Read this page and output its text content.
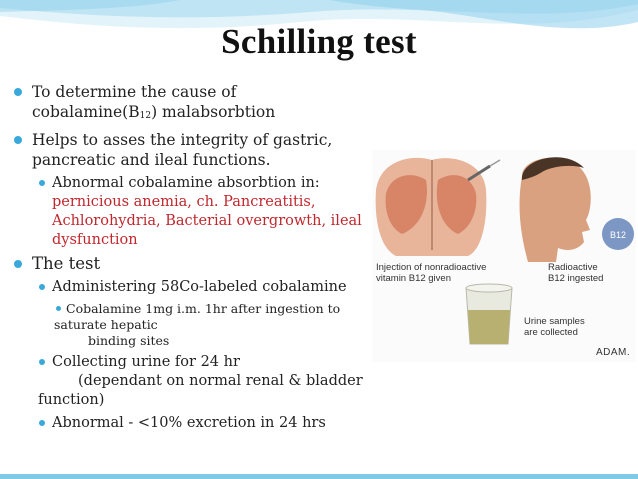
Schilling test
To determine the cause of
$cobalamine(B_{12})$ malabsorbtion
Helps to asses the integrity of gastric,
pancreatic and ileal functions.
Abnormal cobalamine absorbtion in:
pernicious anemia, ch. Pancreatitis,
Achlorohydria, Bacterial overgrowth, ileal
dysfunction
The test
Administering 58Co-labeled cobalamine
Cobalamine 1mg i.m. 1hr after ingestion to
saturate hepatic
binding sites
Collecting urine for 24 hr
(dependant on normal renal & bladder
function)
Abnormal - <10% excretion in 24 hrs
B12
Injection of nonradioactive
vitamin B12 given
Radioactive
B12 ingested
Urine samples
are collected
ADAM.
